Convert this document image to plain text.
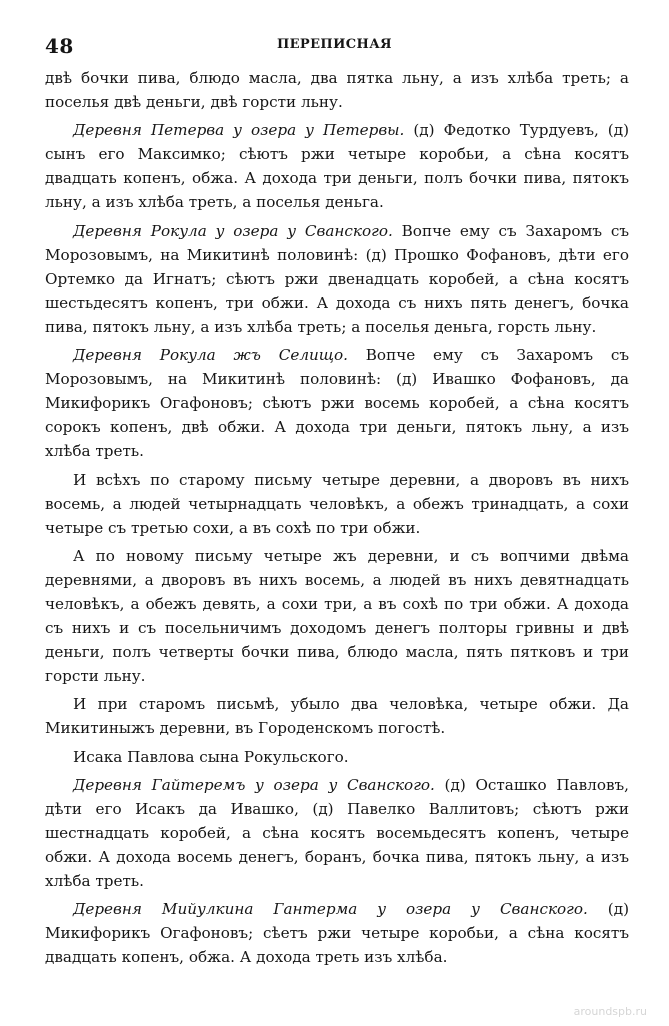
48	ПЕРЕПИСНАЯ

двѣ бочки пива, блюдо масла, два пятка льну, а изъ хлѣба треть; а поселья двѣ деньги, двѣ горсти льну.

Деревня Петерва у озера у Петервы. (д) Федотко Турдуевъ, (д) сынъ его Максимко; сѣютъ ржи четыре коробьи, а сѣна косятъ двадцать копенъ, обжа. А дохода три деньги, полъ бочки пива, пятокъ льну, а изъ хлѣба треть, а поселья деньга.

Деревня Рокула у озера у Сванского. Вопче ему съ Захаромъ съ Морозовымъ, на Микитинѣ половинѣ: (д) Прошко Фофановъ, дѣти его Ортемко да Игнатъ; сѣютъ ржи двенадцать коробей, а сѣна косятъ шестьдесятъ копенъ, три обжи. А дохода съ нихъ пять денегъ, бочка пива, пятокъ льну, а изъ хлѣба треть; а поселья деньга, горсть льну.

Деревня Рокула жъ Селищо. Вопче ему съ Захаромъ съ Морозовымъ, на Микитинѣ половинѣ: (д) Ивашко Фофановъ, да Микифорикъ Огафоновъ; сѣютъ ржи восемь коробей, а сѣна косятъ сорокъ копенъ, двѣ обжи. А дохода три деньги, пятокъ льну, а изъ хлѣба треть.

И всѣхъ по старому письму четыре деревни, а дворовъ въ нихъ восемь, а людей четырнадцать человѣкъ, а обежъ тринадцать, а сохи четыре съ третью сохи, а въ сохѣ по три обжи.

А по новому письму четыре жъ деревни, и съ вопчими двѣма деревнями, а дворовъ въ нихъ восемь, а людей въ нихъ девятнадцать человѣкъ, а обежъ девять, а сохи три, а въ сохѣ по три обжи. А дохода съ нихъ и съ посельничимъ доходомъ денегъ полторы гривны и двѣ деньги, полъ четверты бочки пива, блюдо масла, пять пятковъ и три горсти льну.

И при старомъ письмѣ, убыло два человѣка, четыре обжи. Да Микитиныжъ деревни, въ Городенскомъ погостѣ.

Исака Павлова сына Рокульского.

Деревня Гайтеремъ у озера у Сванского. (д) Осташко Павловъ, дѣти его Исакъ да Ивашко, (д) Павелко Валлитовъ; сѣютъ ржи шестнадцать коробей, а сѣна косятъ восемьдесятъ копенъ, четыре обжи. А дохода восемь денегъ, боранъ, бочка пива, пятокъ льну, а изъ хлѣба треть.

Деревня Мийулкина Гантерма у озера у Сванского. (д) Микифорикъ Огафоновъ; сѣетъ ржи четыре коробьи, а сѣна косятъ двадцать копенъ, обжа. А дохода треть изъ хлѣба.

aroundspb.ru
